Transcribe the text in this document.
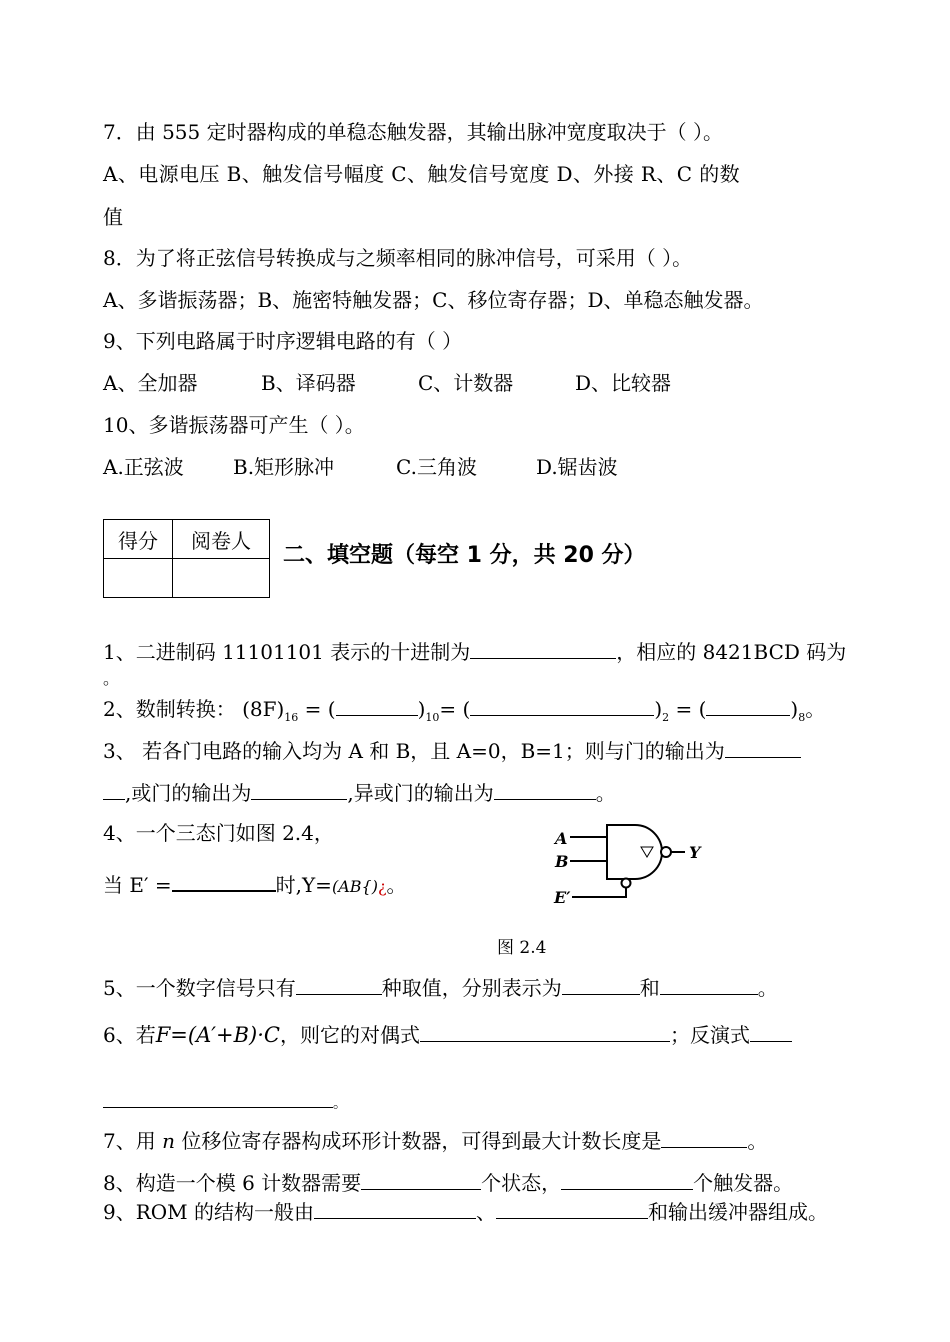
7．由 555 定时器构成的单稳态触发器，其输出脉冲宽度取决于（ ）。
A、电源电压 B、触发信号幅度 C、触发信号宽度 D、外接 R、C 的数
值
8．为了将正弦信号转换成与之频率相同的脉冲信号，可采用（ ）。
A、多谐振荡器；B、施密特触发器；C、移位寄存器；D、单稳态触发器。
9、下列电路属于时序逻辑电路的有（ ）
A、全加器	B、译码器	C、计数器	D、比较器
10、多谐振荡器可产生（ ）。
A.正弦波 B.矩形脉冲	C.三角波	D.锯齿波
得分	阅卷人

二、填空题（每空 1 分，共 20 分）
1、二进制码 11101101 表示的十进制为	，相应的 8421BCD 码为
。
2、数制转换： $(8F)_{16}$ = (	)$_{10}=$ (	)$_2$ = (	)$_8$。
3、 若各门电路的输入均为 A 和 B，且 A=0，B=1；则与门的输出为
,或门的输出为	,异或门的输出为	。
4、一个三态门如图 2.4，
当 E′ =	时,Y=(AB{)¿。
A
B
E′
Y
图 2.4
5、一个数字信号只有	种取值，分别表示为	和	。
6、若F=(A′+B)·C，则它的对偶式	；反演式
。
7、用 n 位移位寄存器构成环形计数器，可得到最大计数长度是	。
8、构造一个模 6 计数器需要	个状态，	个触发器。
9、ROM 的结构一般由	、	和输出缓冲器组成。
